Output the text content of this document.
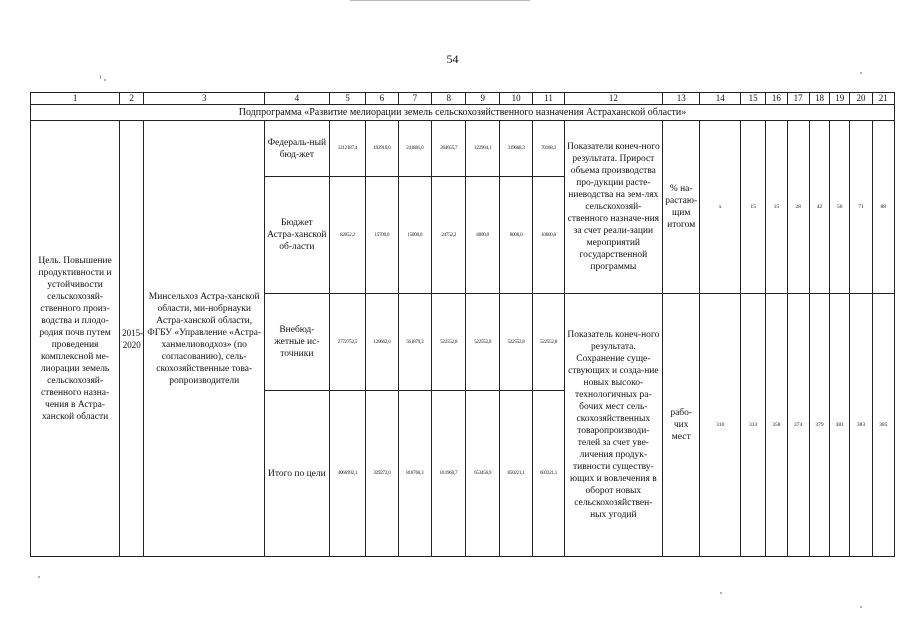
54
1	2	3	4	5	6	7	8	9	10	11	12	13	14	15	16	17	18	19	20	21
Подпрограмма «Развитие мелиорации земель сельскохозяйственного назначения Астраханской области»																				
Цель. Повышение продуктивности и устойчивости сельскохозяй-ственного произ-водства и плодо-родия почв путем проведения комплексной ме-лиорации земель сельскохозяй-ственного назна-чения в Астра-ханской области	2015-2020	Минсельхоз Астра-ханской области, ми-нобрнауки Астра-ханской области, ФГБУ «Управление «Астра-ханмелиоводхоз» (по согласованию), сель-скохозяйственные това-ропроизводители	Федераль-ный бюд-жет	1212187,4	192910,0	241881,0	264655,7	122904,1	319668,3	70168,3	Показатели конеч-ного результата. Прирост объема производства про-дукции расте-ниеводства на зем-лях сельскохозяй-ственного назначе-ния за счет реали-зации мероприятий государственной программы	% на-растаю-щим итогом	x	15	15	28	42	56	71	88
			Бюджет Астра-ханской об-ласти	82052,2	15700,0	15000,0	24752,2	8000,0	8000,0	10600,0										
			Внебюд-жетные ис-точники	2772752,5	120662,0	561879,3	522552,8	522552,8	522552,8	522552,8	Показатель конеч-ного результата. Сохранение суще-ствующих и созда-ние новых высоко-технологичных ра-бочих мест сель-скохозяйственных товаропроизводи-телей за счет уве-личения продук-тивности существу-ющих и вовлечения в оборот новых сельскохозяйствен-ных угодий	рабо-чих мест	310	313	358	374	379	381	383	385
			Итого по цели	4066992,1	329272,0	818760,3	811960,7	653456,9	850221,1	603321,1										
